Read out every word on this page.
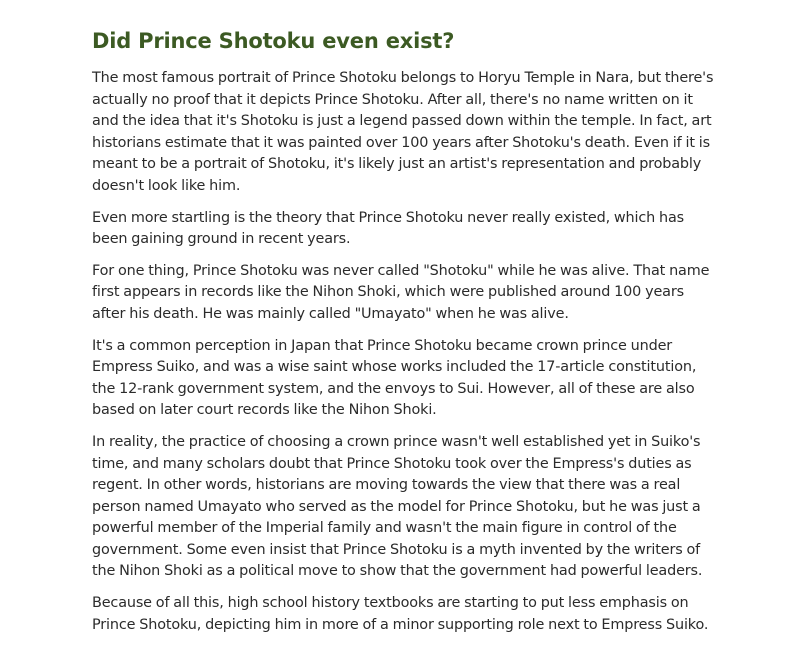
Did Prince Shotoku even exist?

The most famous portrait of Prince Shotoku belongs to Horyu Temple in Nara, but there's actually no proof that it depicts Prince Shotoku. After all, there's no name written on it and the idea that it's Shotoku is just a legend passed down within the temple. In fact, art historians estimate that it was painted over 100 years after Shotoku's death. Even if it is meant to be a portrait of Shotoku, it's likely just an artist's representation and probably doesn't look like him.

Even more startling is the theory that Prince Shotoku never really existed, which has been gaining ground in recent years.

For one thing, Prince Shotoku was never called "Shotoku" while he was alive. That name first appears in records like the Nihon Shoki, which were published around 100 years after his death. He was mainly called "Umayato" when he was alive.

It's a common perception in Japan that Prince Shotoku became crown prince under Empress Suiko, and was a wise saint whose works included the 17-article constitution, the 12-rank government system, and the envoys to Sui. However, all of these are also based on later court records like the Nihon Shoki.

In reality, the practice of choosing a crown prince wasn't well established yet in Suiko's time, and many scholars doubt that Prince Shotoku took over the Empress's duties as regent. In other words, historians are moving towards the view that there was a real person named Umayato who served as the model for Prince Shotoku, but he was just a powerful member of the Imperial family and wasn't the main figure in control of the government. Some even insist that Prince Shotoku is a myth invented by the writers of the Nihon Shoki as a political move to show that the government had powerful leaders.

Because of all this, high school history textbooks are starting to put less emphasis on Prince Shotoku, depicting him in more of a minor supporting role next to Empress Suiko.
